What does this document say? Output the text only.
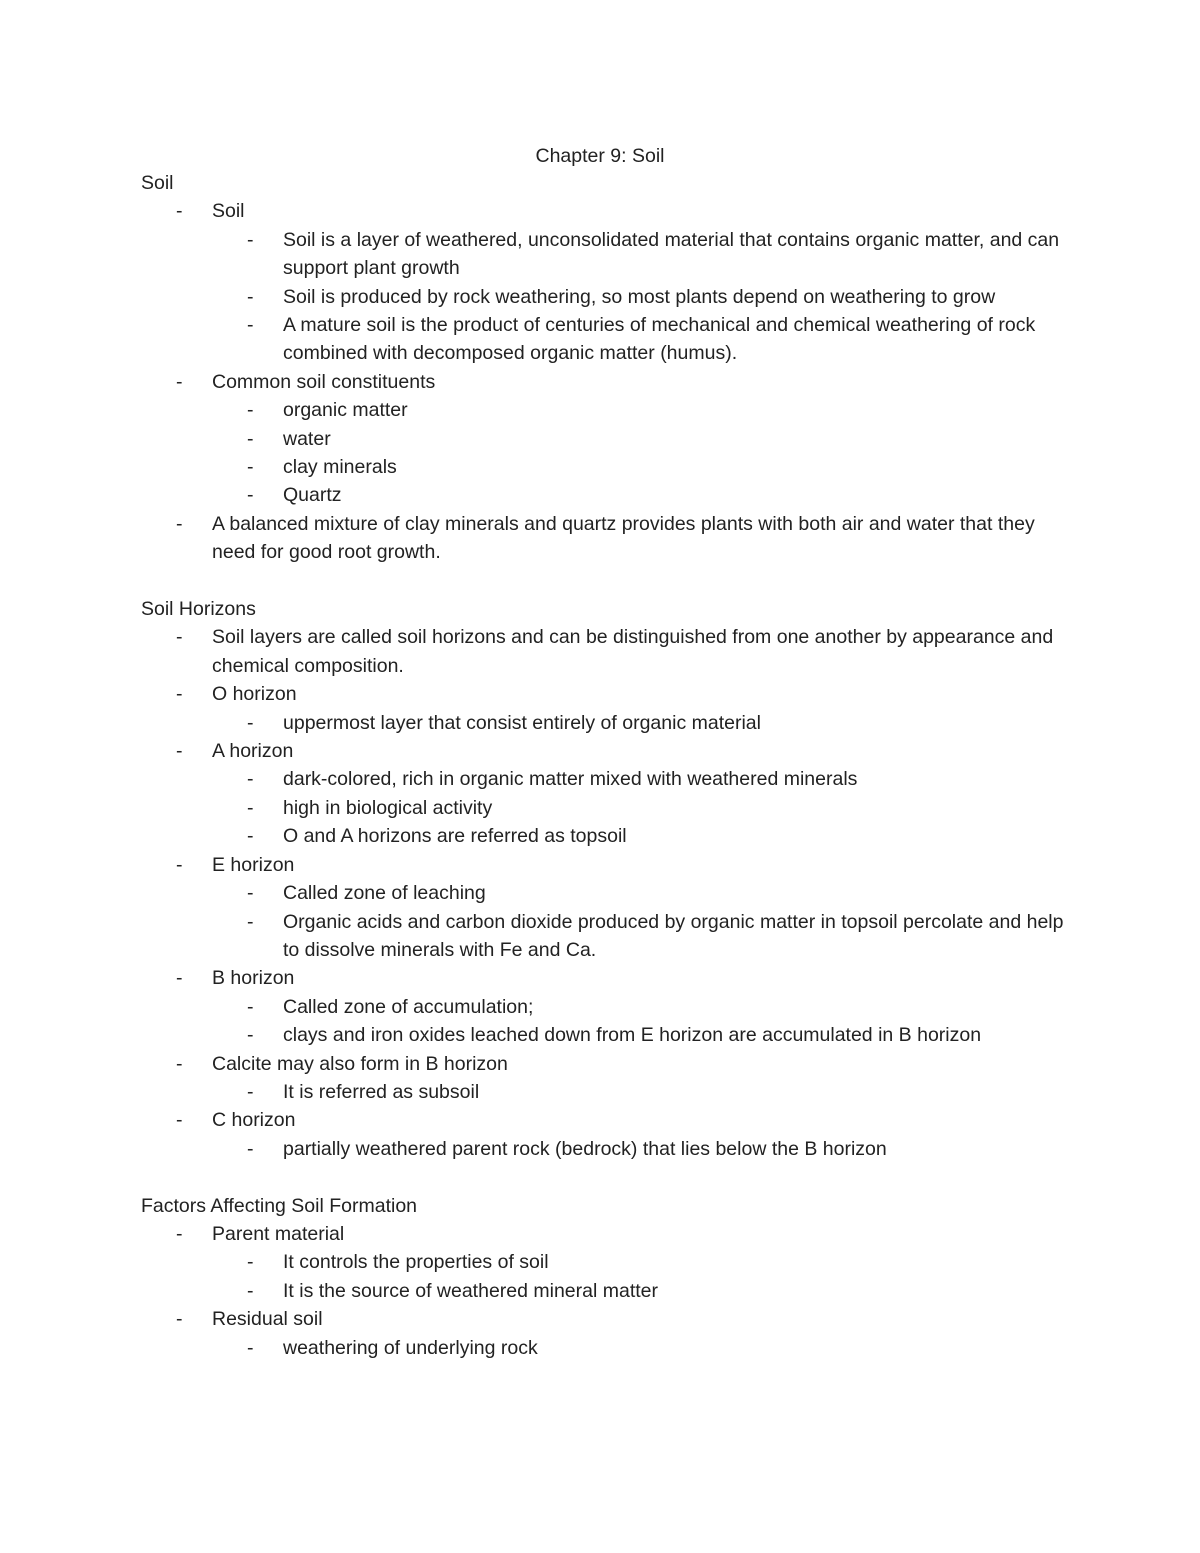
Chapter 9: Soil
Soil
- Soil
- Soil is a layer of weathered, unconsolidated material that contains organic matter, and can support plant growth
- Soil is produced by rock weathering, so most plants depend on weathering to grow
- A mature soil is the product of centuries of mechanical and chemical weathering of rock combined with decomposed organic matter (humus).
- Common soil constituents
- organic matter
- water
- clay minerals
- Quartz
- A balanced mixture of clay minerals and quartz provides plants with both air and water that they need for good root growth.
Soil Horizons
- Soil layers are called soil horizons and can be distinguished from one another by appearance and chemical composition.
- O horizon
- uppermost layer that consist entirely of organic material
- A horizon
- dark-colored, rich in organic matter mixed with weathered minerals
- high in biological activity
- O and A horizons are referred as topsoil
- E horizon
- Called zone of leaching
- Organic acids and carbon dioxide produced by organic matter in topsoil percolate and help to dissolve minerals with Fe and Ca.
- B horizon
- Called zone of accumulation;
- clays and iron oxides leached down from E horizon are accumulated in B horizon
- Calcite may also form in B horizon
- It is referred as subsoil
- C horizon
- partially weathered parent rock (bedrock) that lies below the B horizon
Factors Affecting Soil Formation
- Parent material
- It controls the properties of soil
- It is the source of weathered mineral matter
- Residual soil
- weathering of underlying rock
